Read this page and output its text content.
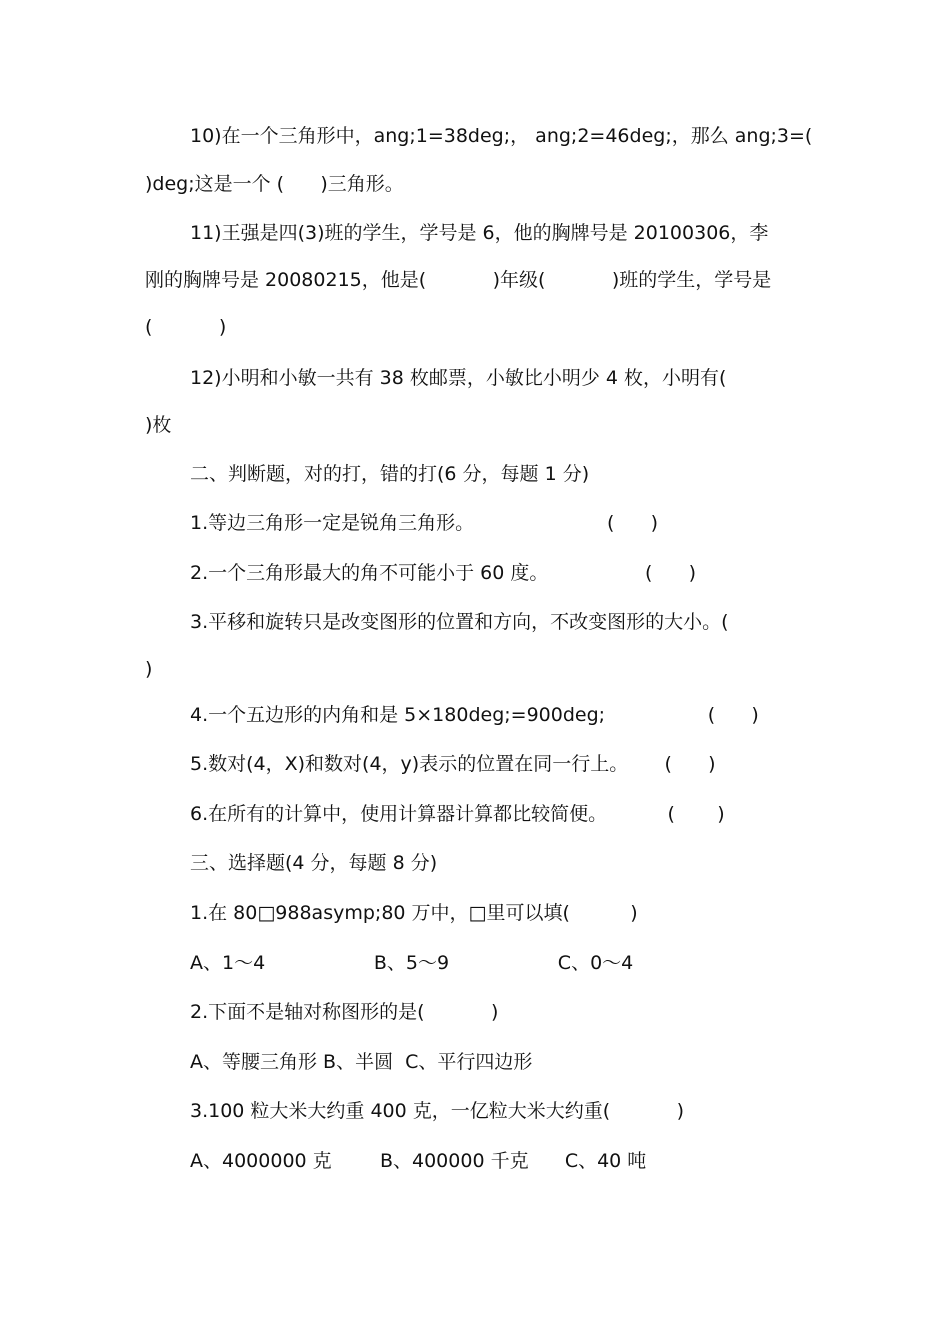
10)在一个三角形中，ang;1=38deg;， ang;2=46deg;，那么 ang;3=(
)deg;这是一个 (      )三角形。
11)王强是四(3)班的学生，学号是 6，他的胸牌号是 20100306，李
刚的胸牌号是 20080215，他是(           )年级(           )班的学生，学号是
(           )
12)小明和小敏一共有 38 枚邮票，小敏比小明少 4 枚，小明有(
)枚
二、判断题，对的打，错的打(6 分，每题 1 分)
1.等边三角形一定是锐角三角形。                      (      )
2.一个三角形最大的角不可能小于 60 度。                (      )
3.平移和旋转只是改变图形的位置和方向，不改变图形的大小。(
)
4.一个五边形的内角和是 5×180deg;=900deg;                 (      )
5.数对(4，X)和数对(4，y)表示的位置在同一行上。      (      )
6.在所有的计算中，使用计算器计算都比较简便。          (       )
三、选择题(4 分，每题 8 分)
1.在 80□988asymp;80 万中，□里可以填(          )
A、1～4                  B、5～9                  C、0～4
2.下面不是轴对称图形的是(           )
A、等腰三角形 B、半圆  C、平行四边形
3.100 粒大米大约重 400 克，一亿粒大米大约重(           )
A、4000000 克        B、400000 千克      C、40 吨
